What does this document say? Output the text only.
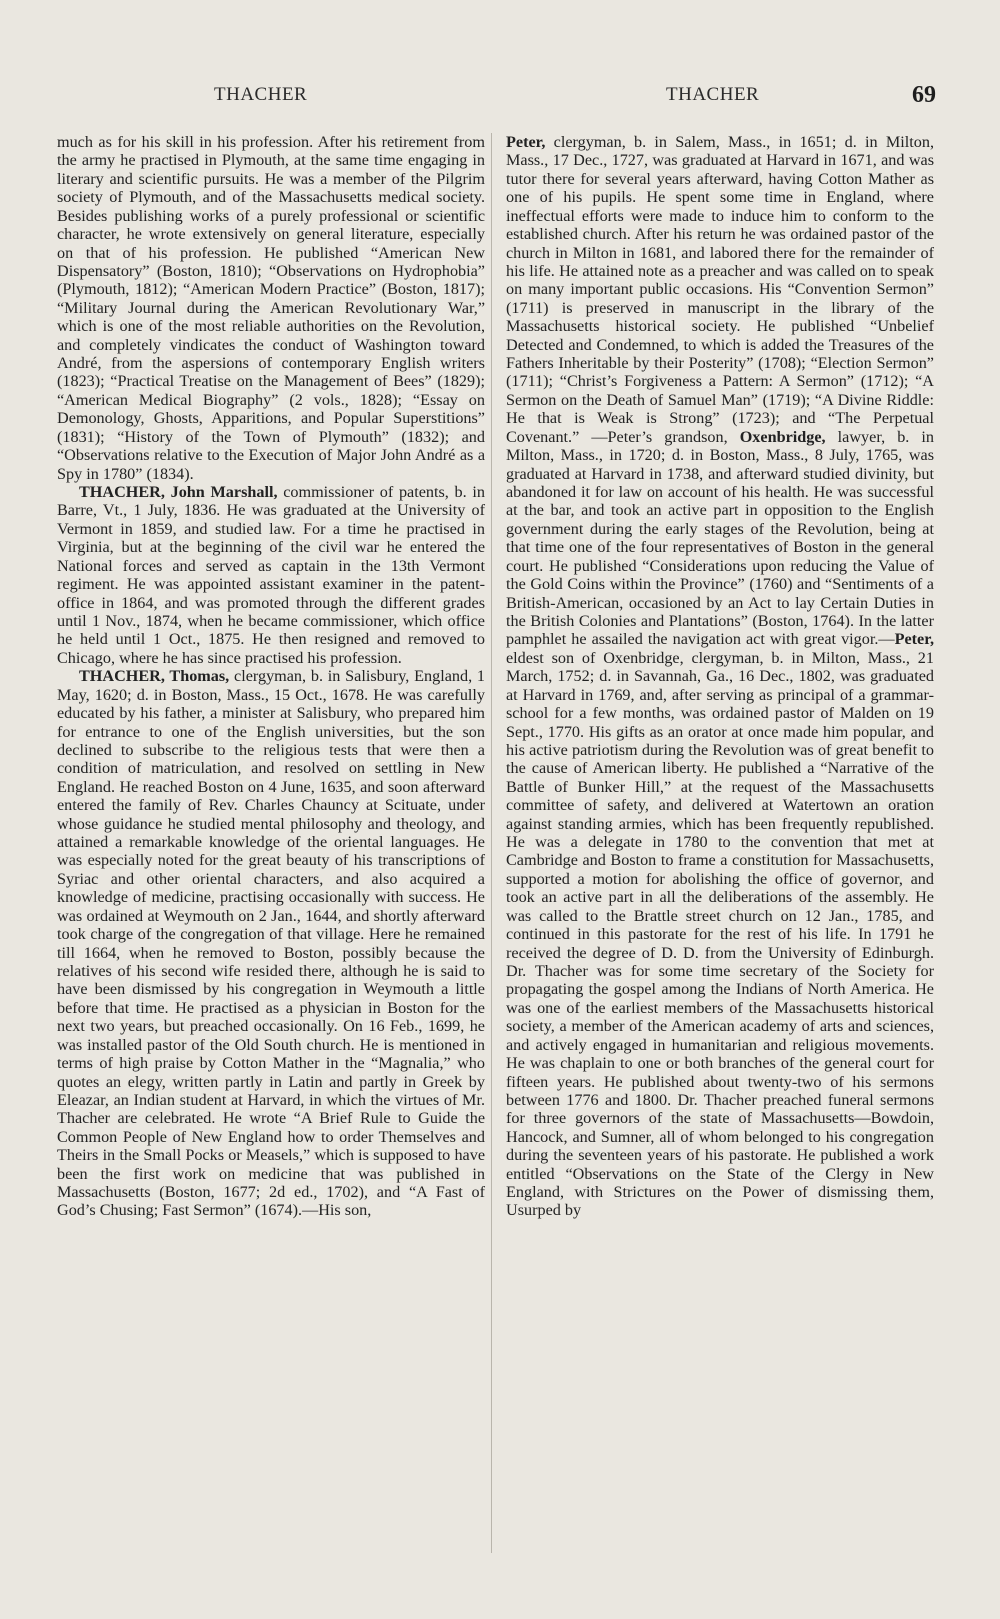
THACHER	THACHER	69

much as for his skill in his profession. After his retirement from the army he practised in Plymouth, at the same time engaging in literary and scientific pursuits. He was a member of the Pilgrim society of Plymouth, and of the Massachusetts medical society. Besides publishing works of a purely professional or scientific character, he wrote extensively on general literature, especially on that of his profession. He published “American New Dispensatory” (Boston, 1810); “Observations on Hydrophobia” (Plymouth, 1812); “American Modern Practice” (Boston, 1817); “Military Journal during the American Revolutionary War,” which is one of the most reliable authorities on the Revolution, and completely vindicates the conduct of Washington toward André, from the aspersions of contemporary English writers (1823); “Practical Treatise on the Management of Bees” (1829); “American Medical Biography” (2 vols., 1828); “Essay on Demonology, Ghosts, Apparitions, and Popular Superstitions” (1831); “History of the Town of Plymouth” (1832); and “Observations relative to the Execution of Major John André as a Spy in 1780” (1834).

THACHER, John Marshall, commissioner of patents, b. in Barre, Vt., 1 July, 1836. He was graduated at the University of Vermont in 1859, and studied law. For a time he practised in Virginia, but at the beginning of the civil war he entered the National forces and served as captain in the 13th Vermont regiment. He was appointed assistant examiner in the patent-office in 1864, and was promoted through the different grades until 1 Nov., 1874, when he became commissioner, which office he held until 1 Oct., 1875. He then resigned and removed to Chicago, where he has since practised his profession.

THACHER, Thomas, clergyman, b. in Salisbury, England, 1 May, 1620; d. in Boston, Mass., 15 Oct., 1678. He was carefully educated by his father, a minister at Salisbury, who prepared him for entrance to one of the English universities, but the son declined to subscribe to the religious tests that were then a condition of matriculation, and resolved on settling in New England. He reached Boston on 4 June, 1635, and soon afterward entered the family of Rev. Charles Chauncy at Scituate, under whose guidance he studied mental philosophy and theology, and attained a remarkable knowledge of the oriental languages. He was especially noted for the great beauty of his transcriptions of Syriac and other oriental characters, and also acquired a knowledge of medicine, practising occasionally with success. He was ordained at Weymouth on 2 Jan., 1644, and shortly afterward took charge of the congregation of that village. Here he remained till 1664, when he removed to Boston, possibly because the relatives of his second wife resided there, although he is said to have been dismissed by his congregation in Weymouth a little before that time. He practised as a physician in Boston for the next two years, but preached occasionally. On 16 Feb., 1699, he was installed pastor of the Old South church. He is mentioned in terms of high praise by Cotton Mather in the “Magnalia,” who quotes an elegy, written partly in Latin and partly in Greek by Eleazar, an Indian student at Harvard, in which the virtues of Mr. Thacher are celebrated. He wrote “A Brief Rule to Guide the Common People of New England how to order Themselves and Theirs in the Small Pocks or Measels,” which is supposed to have been the first work on medicine that was published in Massachusetts (Boston, 1677; 2d ed., 1702), and “A Fast of God’s Chusing; Fast Sermon” (1674).—His son,

Peter, clergyman, b. in Salem, Mass., in 1651; d. in Milton, Mass., 17 Dec., 1727, was graduated at Harvard in 1671, and was tutor there for several years afterward, having Cotton Mather as one of his pupils. He spent some time in England, where ineffectual efforts were made to induce him to conform to the established church. After his return he was ordained pastor of the church in Milton in 1681, and labored there for the remainder of his life. He attained note as a preacher and was called on to speak on many important public occasions. His “Convention Sermon” (1711) is preserved in manuscript in the library of the Massachusetts historical society. He published “Unbelief Detected and Condemned, to which is added the Treasures of the Fathers Inheritable by their Posterity” (1708); “Election Sermon” (1711); “Christ’s Forgiveness a Pattern: A Sermon” (1712); “A Sermon on the Death of Samuel Man” (1719); “A Divine Riddle: He that is Weak is Strong” (1723); and “The Perpetual Covenant.” —Peter’s grandson, Oxenbridge, lawyer, b. in Milton, Mass., in 1720; d. in Boston, Mass., 8 July, 1765, was graduated at Harvard in 1738, and afterward studied divinity, but abandoned it for law on account of his health. He was successful at the bar, and took an active part in opposition to the English government during the early stages of the Revolution, being at that time one of the four representatives of Boston in the general court. He published “Considerations upon reducing the Value of the Gold Coins within the Province” (1760) and “Sentiments of a British-American, occasioned by an Act to lay Certain Duties in the British Colonies and Plantations” (Boston, 1764). In the latter pamphlet he assailed the navigation act with great vigor.—Peter, eldest son of Oxenbridge, clergyman, b. in Milton, Mass., 21 March, 1752; d. in Savannah, Ga., 16 Dec., 1802, was graduated at Harvard in 1769, and, after serving as principal of a grammar-school for a few months, was ordained pastor of Malden on 19 Sept., 1770. His gifts as an orator at once made him popular, and his active patriotism during the Revolution was of great benefit to the cause of American liberty. He published a “Narrative of the Battle of Bunker Hill,” at the request of the Massachusetts committee of safety, and delivered at Watertown an oration against standing armies, which has been frequently republished. He was a delegate in 1780 to the convention that met at Cambridge and Boston to frame a constitution for Massachusetts, supported a motion for abolishing the office of governor, and took an active part in all the deliberations of the assembly. He was called to the Brattle street church on 12 Jan., 1785, and continued in this pastorate for the rest of his life. In 1791 he received the degree of D. D. from the University of Edinburgh. Dr. Thacher was for some time secretary of the Society for propagating the gospel among the Indians of North America. He was one of the earliest members of the Massachusetts historical society, a member of the American academy of arts and sciences, and actively engaged in humanitarian and religious movements. He was chaplain to one or both branches of the general court for fifteen years. He published about twenty-two of his sermons between 1776 and 1800. Dr. Thacher preached funeral sermons for three governors of the state of Massachusetts—Bowdoin, Hancock, and Sumner, all of whom belonged to his congregation during the seventeen years of his pastorate. He published a work entitled “Observations on the State of the Clergy in New England, with Strictures on the Power of dismissing them, Usurped by
